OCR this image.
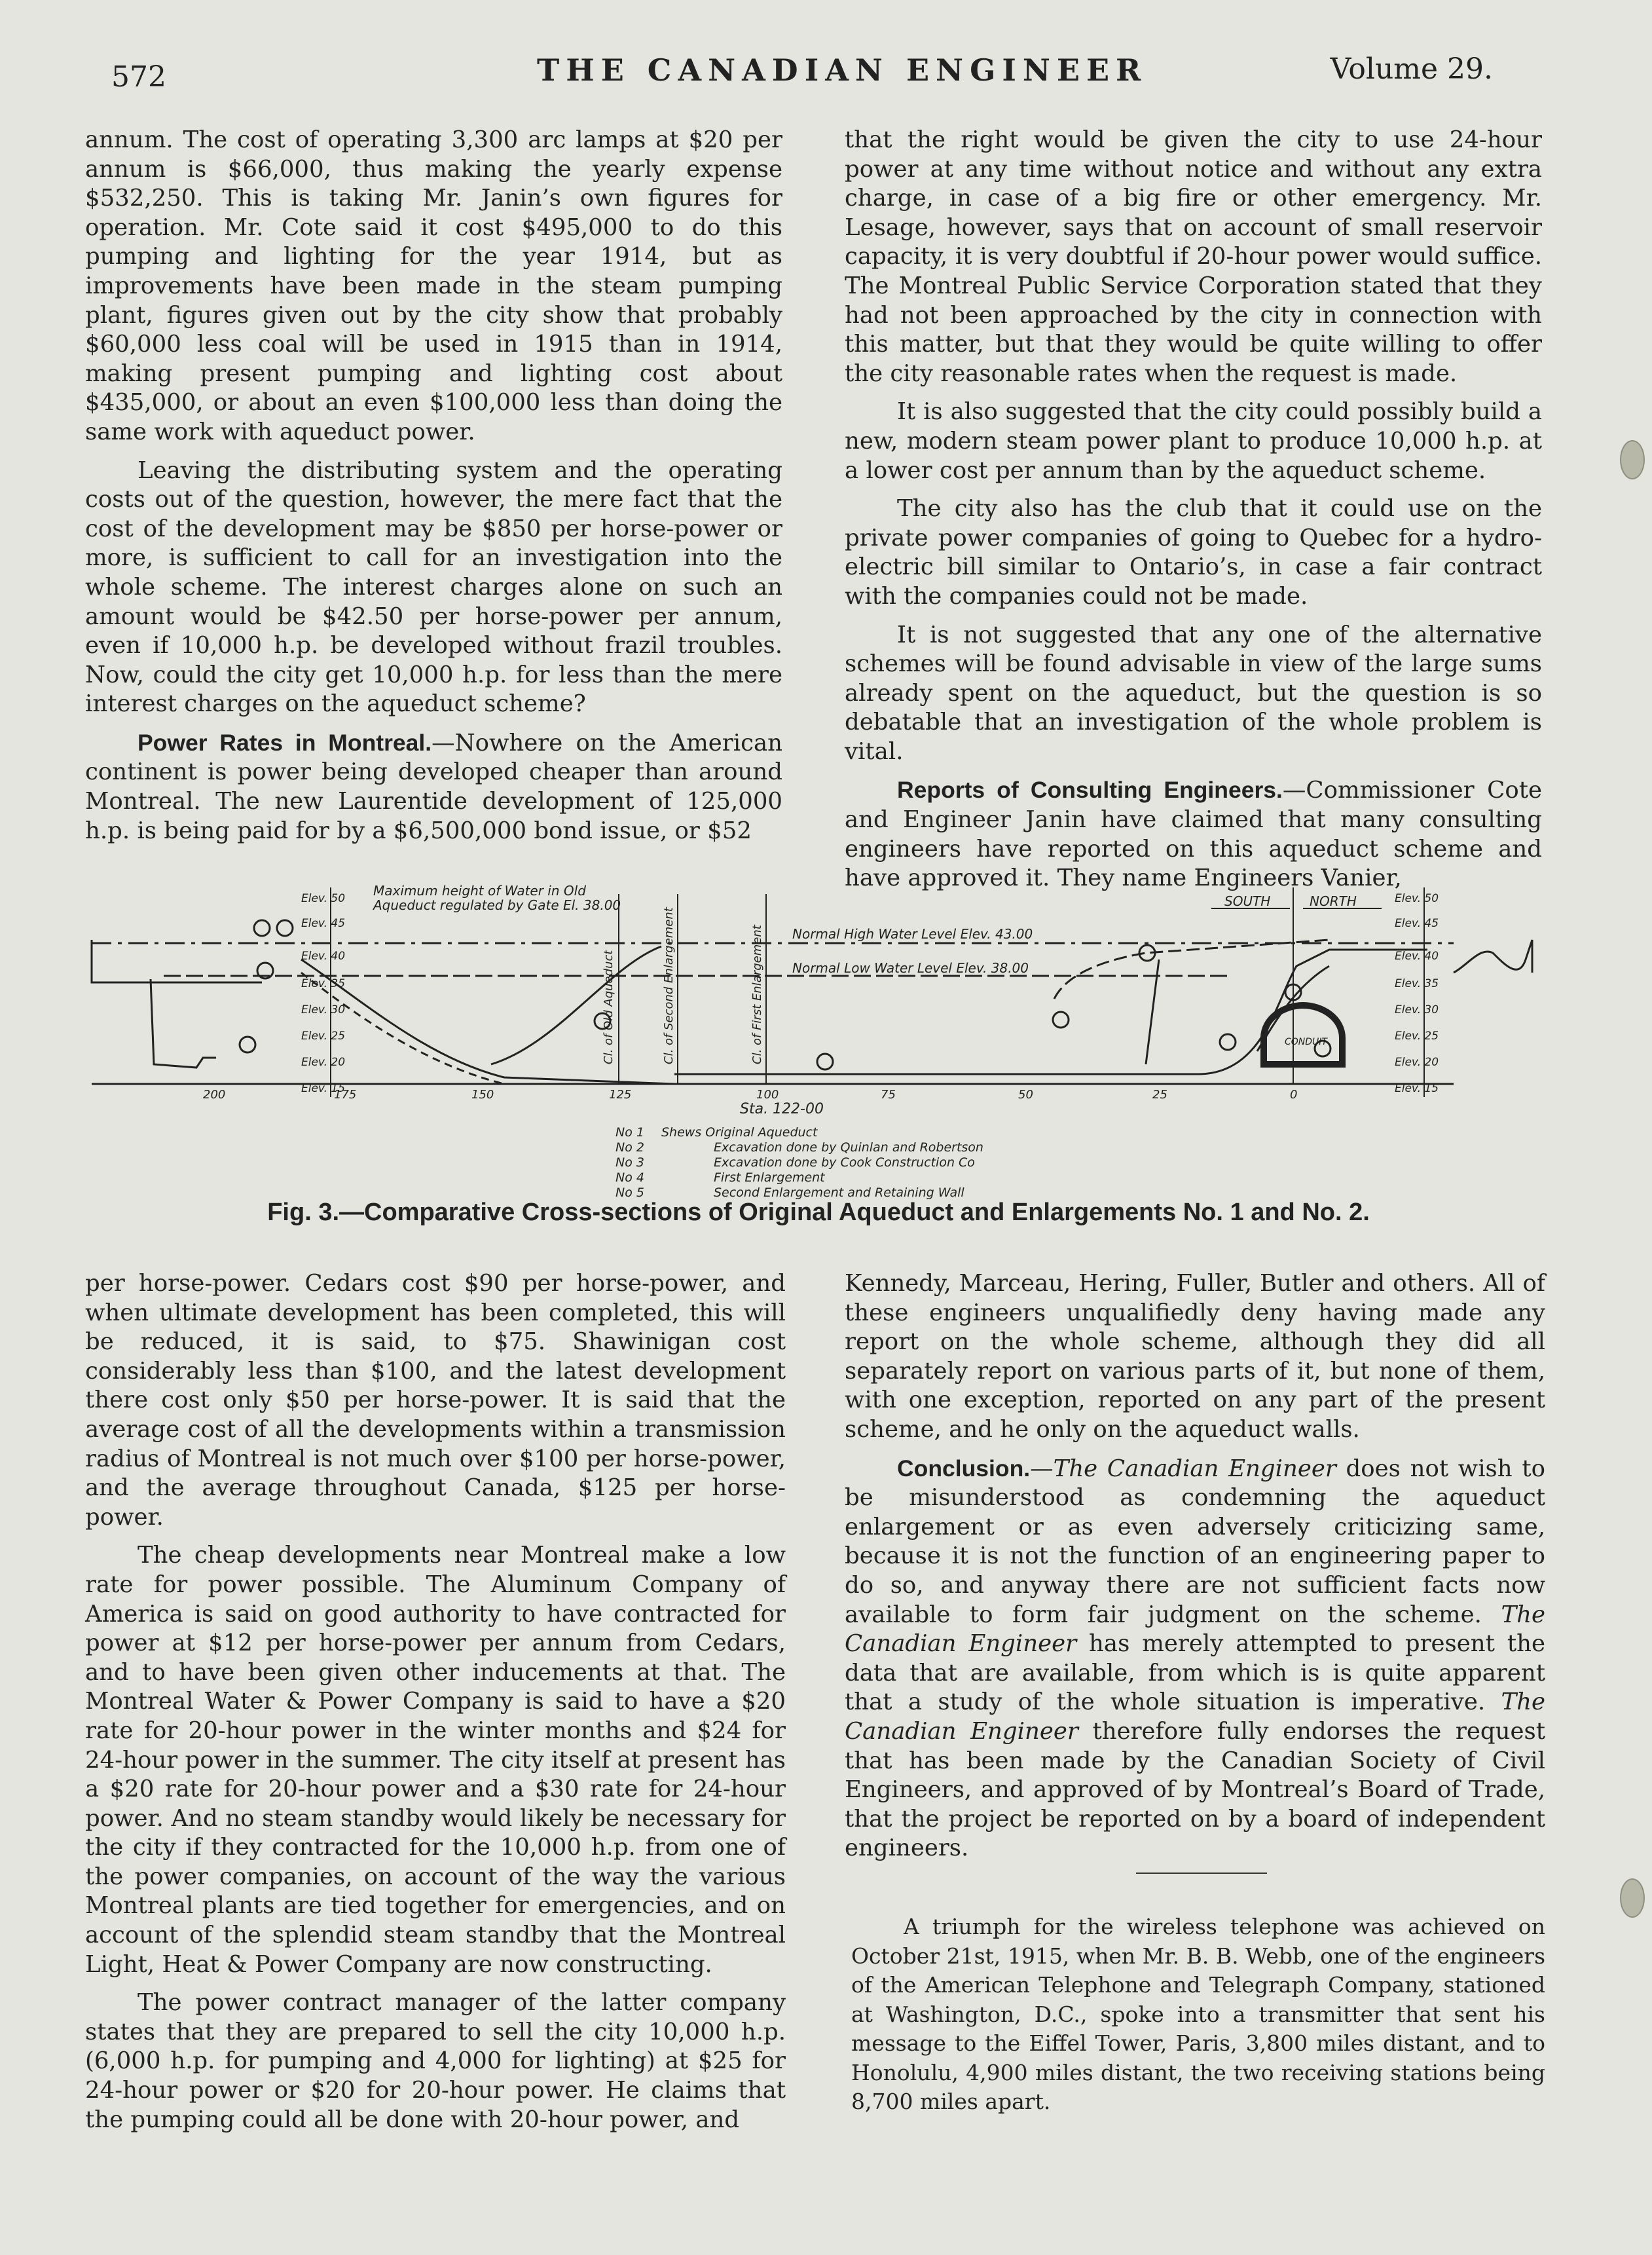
572	THE CANADIAN ENGINEER	Volume 29.

annum. The cost of operating 3,300 arc lamps at $20 per annum is $66,000, thus making the yearly expense $532,250. This is taking Mr. Janin’s own figures for operation. Mr. Cote said it cost $495,000 to do this pumping and lighting for the year 1914, but as improvements have been made in the steam pumping plant, figures given out by the city show that probably $60,000 less coal will be used in 1915 than in 1914, making present pumping and lighting cost about $435,000, or about an even $100,000 less than doing the same work with aqueduct power.

Leaving the distributing system and the operating costs out of the question, however, the mere fact that the cost of the development may be $850 per horse-power or more, is sufficient to call for an investigation into the whole scheme. The interest charges alone on such an amount would be $42.50 per horse-power per annum, even if 10,000 h.p. be developed without frazil troubles. Now, could the city get 10,000 h.p. for less than the mere interest charges on the aqueduct scheme?

Power Rates in Montreal.—Nowhere on the American continent is power being developed cheaper than around Montreal. The new Laurentide development of 125,000 h.p. is being paid for by a $6,500,000 bond issue, or $52

that the right would be given the city to use 24-hour power at any time without notice and without any extra charge, in case of a big fire or other emergency. Mr. Lesage, however, says that on account of small reservoir capacity, it is very doubtful if 20-hour power would suffice. The Montreal Public Service Corporation stated that they had not been approached by the city in connection with this matter, but that they would be quite willing to offer the city reasonable rates when the request is made.

It is also suggested that the city could possibly build a new, modern steam power plant to produce 10,000 h.p. at a lower cost per annum than by the aqueduct scheme.

The city also has the club that it could use on the private power companies of going to Quebec for a hydro-electric bill similar to Ontario’s, in case a fair contract with the companies could not be made.

It is not suggested that any one of the alternative schemes will be found advisable in view of the large sums already spent on the aqueduct, but the question is so debatable that an investigation of the whole problem is vital.

Reports of Consulting Engineers.—Commissioner Cote and Engineer Janin have claimed that many consulting engineers have reported on this aqueduct scheme and have approved it. They name Engineers Vanier,

Maximum height of Water in Old
Aqueduct regulated by Gate El. 38.00
Normal High Water Level Elev. 43.00
Normal Low Water Level Elev. 38.00
SOUTH	NORTH
CONDUIT
Sta. 122-00
Cl. of Old Aqueduct	Cl. of Second Enlargement	Cl. of First Enlargement
Elev. 50
Elev. 45
Elev. 40
Elev. 35
Elev. 30
Elev. 25
Elev. 20
Elev. 15
Elev. 50
Elev. 45
Elev. 40
Elev. 35
Elev. 30
Elev. 25
Elev. 20
Elev. 15
200	175	150	125	100	75	50	25	0
No 1 Shews Original Aqueduct
No 2	Excavation done by Quinlan and Robertson
No 3	Excavation done by Cook Construction Co
No 4	First Enlargement
No 5	Second Enlargement and Retaining Wall
Fig. 3.—Comparative Cross-sections of Original Aqueduct and Enlargements No. 1 and No. 2.

per horse-power. Cedars cost $90 per horse-power, and when ultimate development has been completed, this will be reduced, it is said, to $75. Shawinigan cost considerably less than $100, and the latest development there cost only $50 per horse-power. It is said that the average cost of all the developments within a transmission radius of Montreal is not much over $100 per horse-power, and the average throughout Canada, $125 per horse-power.

The cheap developments near Montreal make a low rate for power possible. The Aluminum Company of America is said on good authority to have contracted for power at $12 per horse-power per annum from Cedars, and to have been given other inducements at that. The Montreal Water & Power Company is said to have a $20 rate for 20-hour power in the winter months and $24 for 24-hour power in the summer. The city itself at present has a $20 rate for 20-hour power and a $30 rate for 24-hour power. And no steam standby would likely be necessary for the city if they contracted for the 10,000 h.p. from one of the power companies, on account of the way the various Montreal plants are tied together for emergencies, and on account of the splendid steam standby that the Montreal Light, Heat & Power Company are now constructing.

The power contract manager of the latter company states that they are prepared to sell the city 10,000 h.p. (6,000 h.p. for pumping and 4,000 for lighting) at $25 for 24-hour power or $20 for 20-hour power. He claims that the pumping could all be done with 20-hour power, and

Kennedy, Marceau, Hering, Fuller, Butler and others. All of these engineers unqualifiedly deny having made any report on the whole scheme, although they did all separately report on various parts of it, but none of them, with one exception, reported on any part of the present scheme, and he only on the aqueduct walls.

Conclusion.—The Canadian Engineer does not wish to be misunderstood as condemning the aqueduct enlargement or as even adversely criticizing same, because it is not the function of an engineering paper to do so, and anyway there are not sufficient facts now available to form fair judgment on the scheme. The Canadian Engineer has merely attempted to present the data that are available, from which is is quite apparent that a study of the whole situation is imperative. The Canadian Engineer therefore fully endorses the request that has been made by the Canadian Society of Civil Engineers, and approved of by Montreal’s Board of Trade, that the project be reported on by a board of independent engineers.

A triumph for the wireless telephone was achieved on October 21st, 1915, when Mr. B. B. Webb, one of the engineers of the American Telephone and Telegraph Company, stationed at Washington, D.C., spoke into a transmitter that sent his message to the Eiffel Tower, Paris, 3,800 miles distant, and to Honolulu, 4,900 miles distant, the two receiving stations being 8,700 miles apart.
